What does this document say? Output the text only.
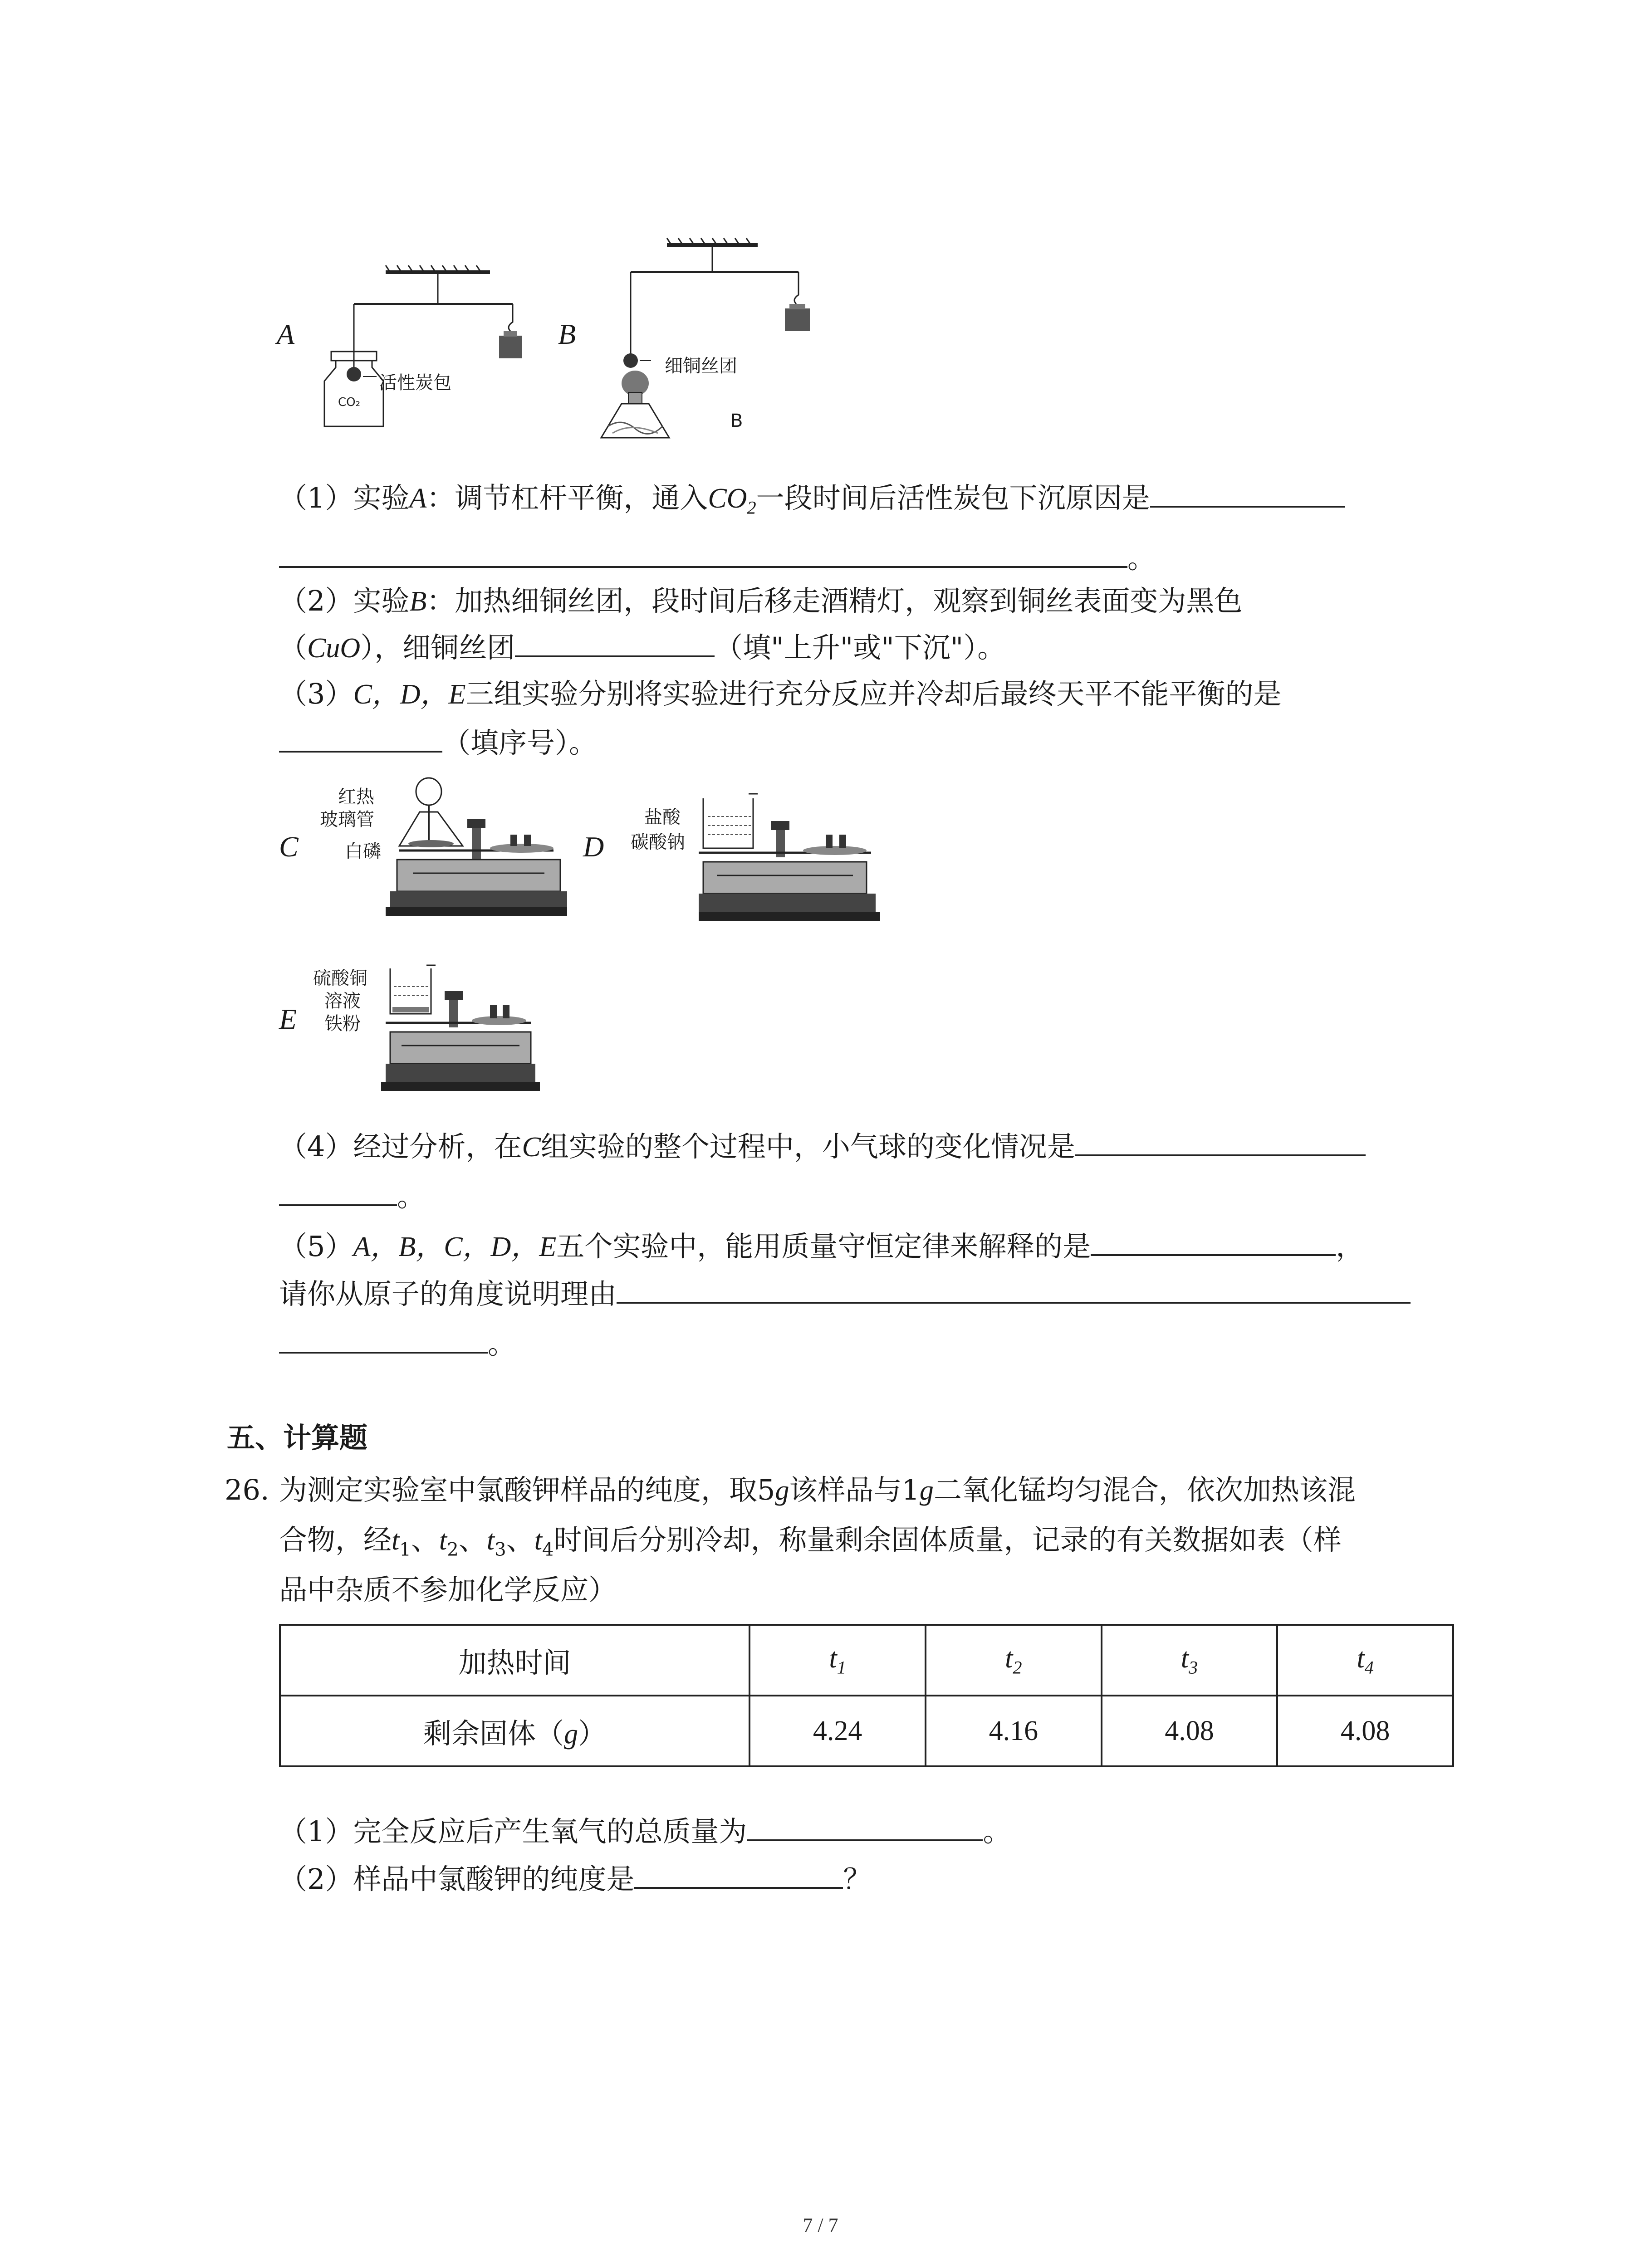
A
CO₂
活性炭包
B
细铜丝团
B
（1）实验A：调节杠杆平衡，通入$CO_2$一段时间后活性炭包下沉原因是
。
（2）实验B：加热细铜丝团，段时间后移走酒精灯，观察到铜丝表面变为黑色
（CuO），细铜丝团	（填"上升"或"下沉"）。
（3）C，D，E三组实验分别将实验进行充分反应并冷却后最终天平不能平衡的是
（填序号）。
C
红热
玻璃管
白磷	D
盐酸
碳酸钠
E
硫酸铜
溶液
铁粉
（4）经过分析，在C组实验的整个过程中，小气球的变化情况是
。
（5）A，B，C，D，E五个实验中，能用质量守恒定律来解释的是	，
请你从原子的角度说明理由
。
五、计算题
26. 为测定实验室中氯酸钾样品的纯度，取5g该样品与1g二氧化锰均匀混合，依次加热该混
合物，经$t_1$、$t_2$、$t_3$、$t_4$时间后分别冷却，称量剩余固体质量，记录的有关数据如表（样
品中杂质不参加化学反应）
加热时间	$t_1$	$t_2$	$t_3$	$t_4$
剩余固体（g）	4.24	4.16	4.08	4.08
（1）完全反应后产生氧气的总质量为	。
（2）样品中氯酸钾的纯度是	？
7 / 7
